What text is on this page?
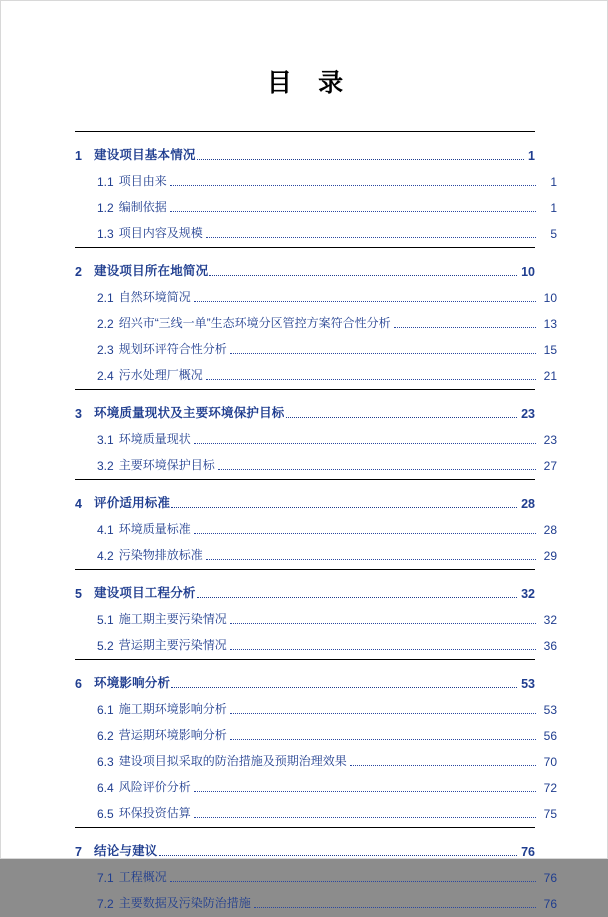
目 录
1 建设项目基本情况	1
1.1 项目由来	1
1.2 编制依据	1
1.3 项目内容及规模	5
2 建设项目所在地简况	10
2.1 自然环境简况	10
2.2 绍兴市“三线一单”生态环境分区管控方案符合性分析	13
2.3 规划环评符合性分析	15
2.4 污水处理厂概况	21
3 环境质量现状及主要环境保护目标	23
3.1 环境质量现状	23
3.2 主要环境保护目标	27
4 评价适用标准	28
4.1 环境质量标准	28
4.2 污染物排放标准	29
5 建设项目工程分析	32
5.1 施工期主要污染情况	32
5.2 营运期主要污染情况	36
6 环境影响分析	53
6.1 施工期环境影响分析	53
6.2 营运期环境影响分析	56
6.3 建设项目拟采取的防治措施及预期治理效果	70
6.4 风险评价分析	72
6.5 环保投资估算	75
7 结论与建议	76
7.1 工程概况	76
7.2 主要数据及污染防治措施	76
